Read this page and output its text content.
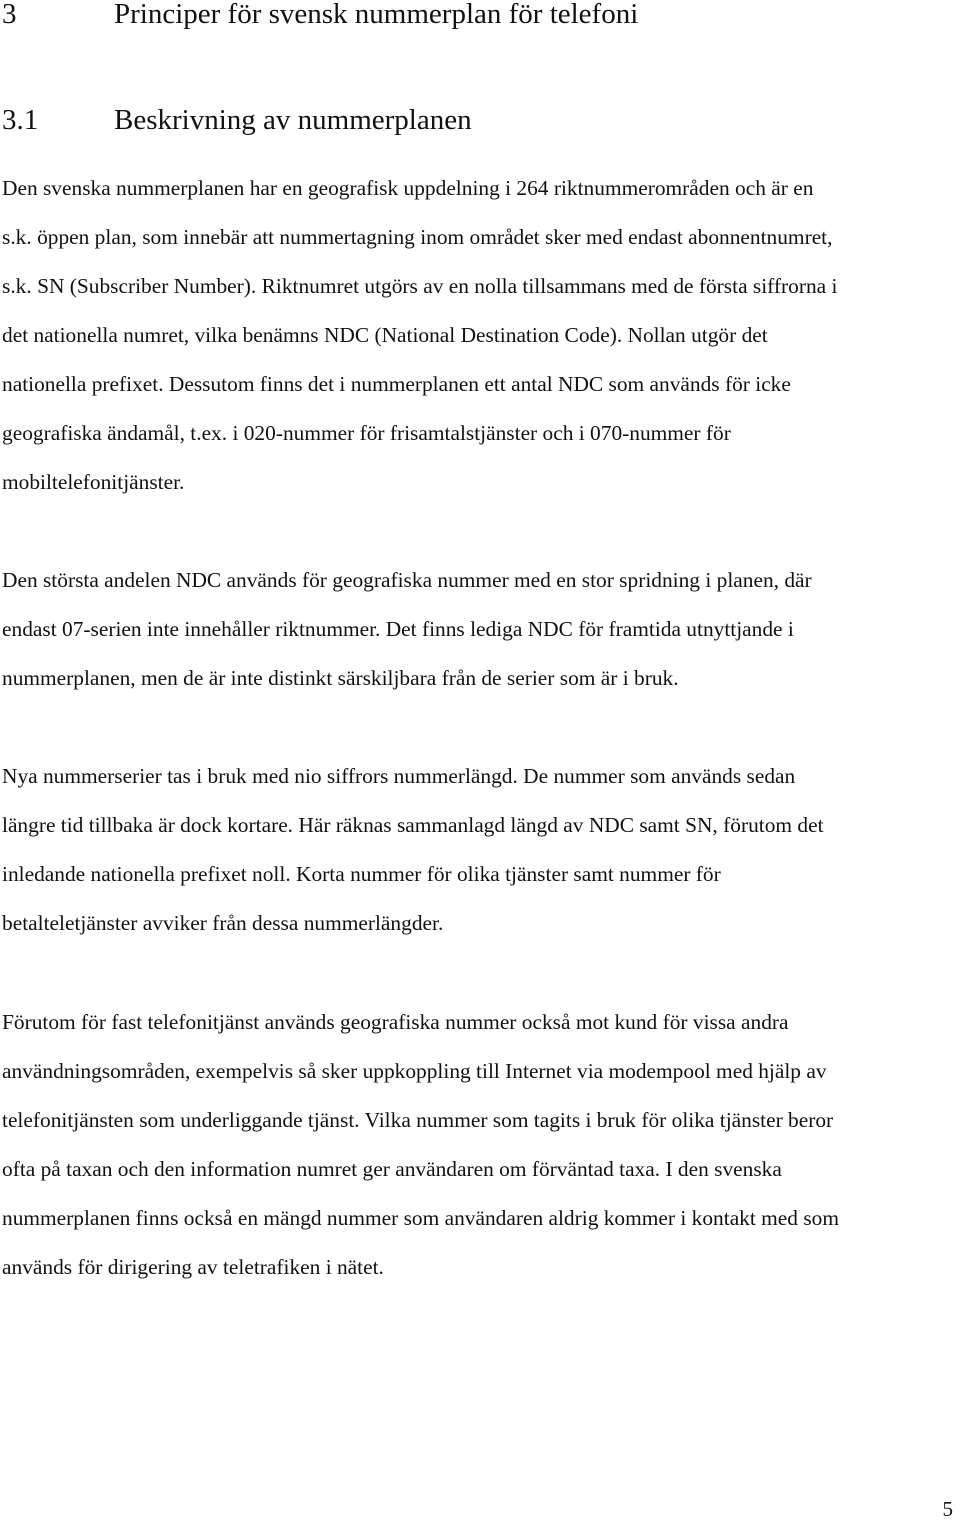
3	Principer för svensk nummerplan för telefoni
3.1	Beskrivning av nummerplanen

Den svenska nummerplanen har en geografisk uppdelning i 264 riktnummerområden och är en
s.k. öppen plan, som innebär att nummertagning inom området sker med endast abonnentnumret,
s.k. SN (Subscriber Number). Riktnumret utgörs av en nolla tillsammans med de första siffrorna i
det nationella numret, vilka benämns NDC (National Destination Code). Nollan utgör det
nationella prefixet. Dessutom finns det i nummerplanen ett antal NDC som används för icke
geografiska ändamål, t.ex. i 020-nummer för frisamtalstjänster och i 070-nummer för
mobiltelefonitjänster.

Den största andelen NDC används för geografiska nummer med en stor spridning i planen, där
endast 07-serien inte innehåller riktnummer. Det finns lediga NDC för framtida utnyttjande i
nummerplanen, men de är inte distinkt särskiljbara från de serier som är i bruk.

Nya nummerserier tas i bruk med nio siffrors nummerlängd. De nummer som används sedan
längre tid tillbaka är dock kortare. Här räknas sammanlagd längd av NDC samt SN, förutom det
inledande nationella prefixet noll. Korta nummer för olika tjänster samt nummer för
betalteletjänster avviker från dessa nummerlängder.

Förutom för fast telefonitjänst används geografiska nummer också mot kund för vissa andra
användningsområden, exempelvis så sker uppkoppling till Internet via modempool med hjälp av
telefonitjänsten som underliggande tjänst. Vilka nummer som tagits i bruk för olika tjänster beror
ofta på taxan och den information numret ger användaren om förväntad taxa. I den svenska
nummerplanen finns också en mängd nummer som användaren aldrig kommer i kontakt med som
används för dirigering av teletrafiken i nätet.

5
